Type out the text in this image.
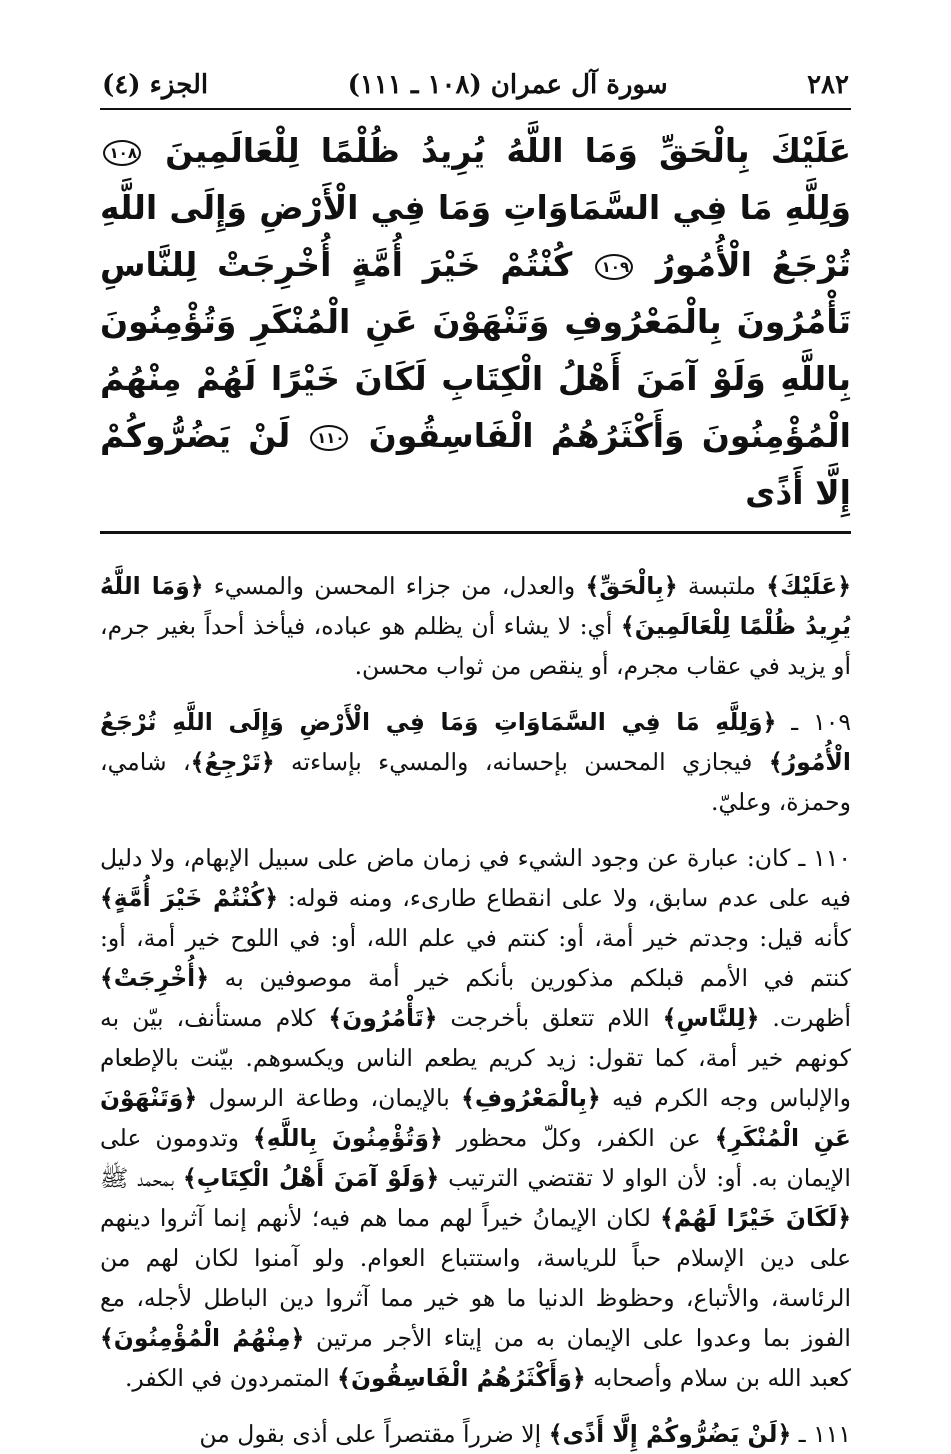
٢٨٢
سورة آل عمران (١٠٨ ـ ١١١)
الجزء (٤)
عَلَيْكَ بِالْحَقِّ وَمَا اللَّهُ يُرِيدُ ظُلْمًا لِلْعَالَمِينَ ١٠٨ وَلِلَّهِ مَا فِي السَّمَاوَاتِ وَمَا فِي الْأَرْضِ وَإِلَى اللَّهِ تُرْجَعُ الْأُمُورُ ١٠٩ كُنْتُمْ خَيْرَ أُمَّةٍ أُخْرِجَتْ لِلنَّاسِ تَأْمُرُونَ بِالْمَعْرُوفِ وَتَنْهَوْنَ عَنِ الْمُنْكَرِ وَتُؤْمِنُونَ بِاللَّهِ وَلَوْ آمَنَ أَهْلُ الْكِتَابِ لَكَانَ خَيْرًا لَهُمْ مِنْهُمُ الْمُؤْمِنُونَ وَأَكْثَرُهُمُ الْفَاسِقُونَ ١١٠ لَنْ يَضُرُّوكُمْ إِلَّا أَذًى

﴿عَلَيْكَ﴾ ملتبسة ﴿بِالْحَقِّ﴾ والعدل، من جزاء المحسن والمسيء ﴿وَمَا اللَّهُ يُرِيدُ ظُلْمًا لِلْعَالَمِينَ﴾ أي: لا يشاء أن يظلم هو عباده، فيأخذ أحداً بغير جرم، أو يزيد في عقاب مجرم، أو ينقص من ثواب محسن.

١٠٩ ـ ﴿وَلِلَّهِ مَا فِي السَّمَاوَاتِ وَمَا فِي الْأَرْضِ وَإِلَى اللَّهِ تُرْجَعُ الْأُمُورُ﴾ فيجازي المحسن بإحسانه، والمسيء بإساءته ﴿تَرْجِعُ﴾، شامي، وحمزة، وعليّ.

١١٠ ـ كان: عبارة عن وجود الشيء في زمان ماض على سبيل الإبهام، ولا دليل فيه على عدم سابق، ولا على انقطاع طارىء، ومنه قوله: ﴿كُنْتُمْ خَيْرَ أُمَّةٍ﴾ كأنه قيل: وجدتم خير أمة، أو: كنتم في علم الله، أو: في اللوح خير أمة، أو: كنتم في الأمم قبلكم مذكورين بأنكم خير أمة موصوفين به ﴿أُخْرِجَتْ﴾ أظهرت. ﴿لِلنَّاسِ﴾ اللام تتعلق بأخرجت ﴿تَأْمُرُونَ﴾ كلام مستأنف، بيّن به كونهم خير أمة، كما تقول: زيد كريم يطعم الناس ويكسوهم. بيّنت بالإطعام والإلباس وجه الكرم فيه ﴿بِالْمَعْرُوفِ﴾ بالإيمان، وطاعة الرسول ﴿وَتَنْهَوْنَ عَنِ الْمُنْكَرِ﴾ عن الكفر، وكلّ محظور ﴿وَتُؤْمِنُونَ بِاللَّهِ﴾ وتدومون على الإيمان به. أو: لأن الواو لا تقتضي الترتيب ﴿وَلَوْ آمَنَ أَهْلُ الْكِتَابِ﴾ بمحمد ﷺ ﴿لَكَانَ خَيْرًا لَهُمْ﴾ لكان الإيمانُ خيراً لهم مما هم فيه؛ لأنهم إنما آثروا دينهم على دين الإسلام حباً للرياسة، واستتباع العوام. ولو آمنوا لكان لهم من الرئاسة، والأتباع، وحظوظ الدنيا ما هو خير مما آثروا دين الباطل لأجله، مع الفوز بما وعدوا على الإيمان به من إيتاء الأجر مرتين ﴿مِنْهُمُ الْمُؤْمِنُونَ﴾ كعبد الله بن سلام وأصحابه ﴿وَأَكْثَرُهُمُ الْفَاسِقُونَ﴾ المتمردون في الكفر.

١١١ ـ ﴿لَنْ يَضُرُّوكُمْ إِلَّا أَذًى﴾ إلا ضرراً مقتصراً على أذى بقول من
